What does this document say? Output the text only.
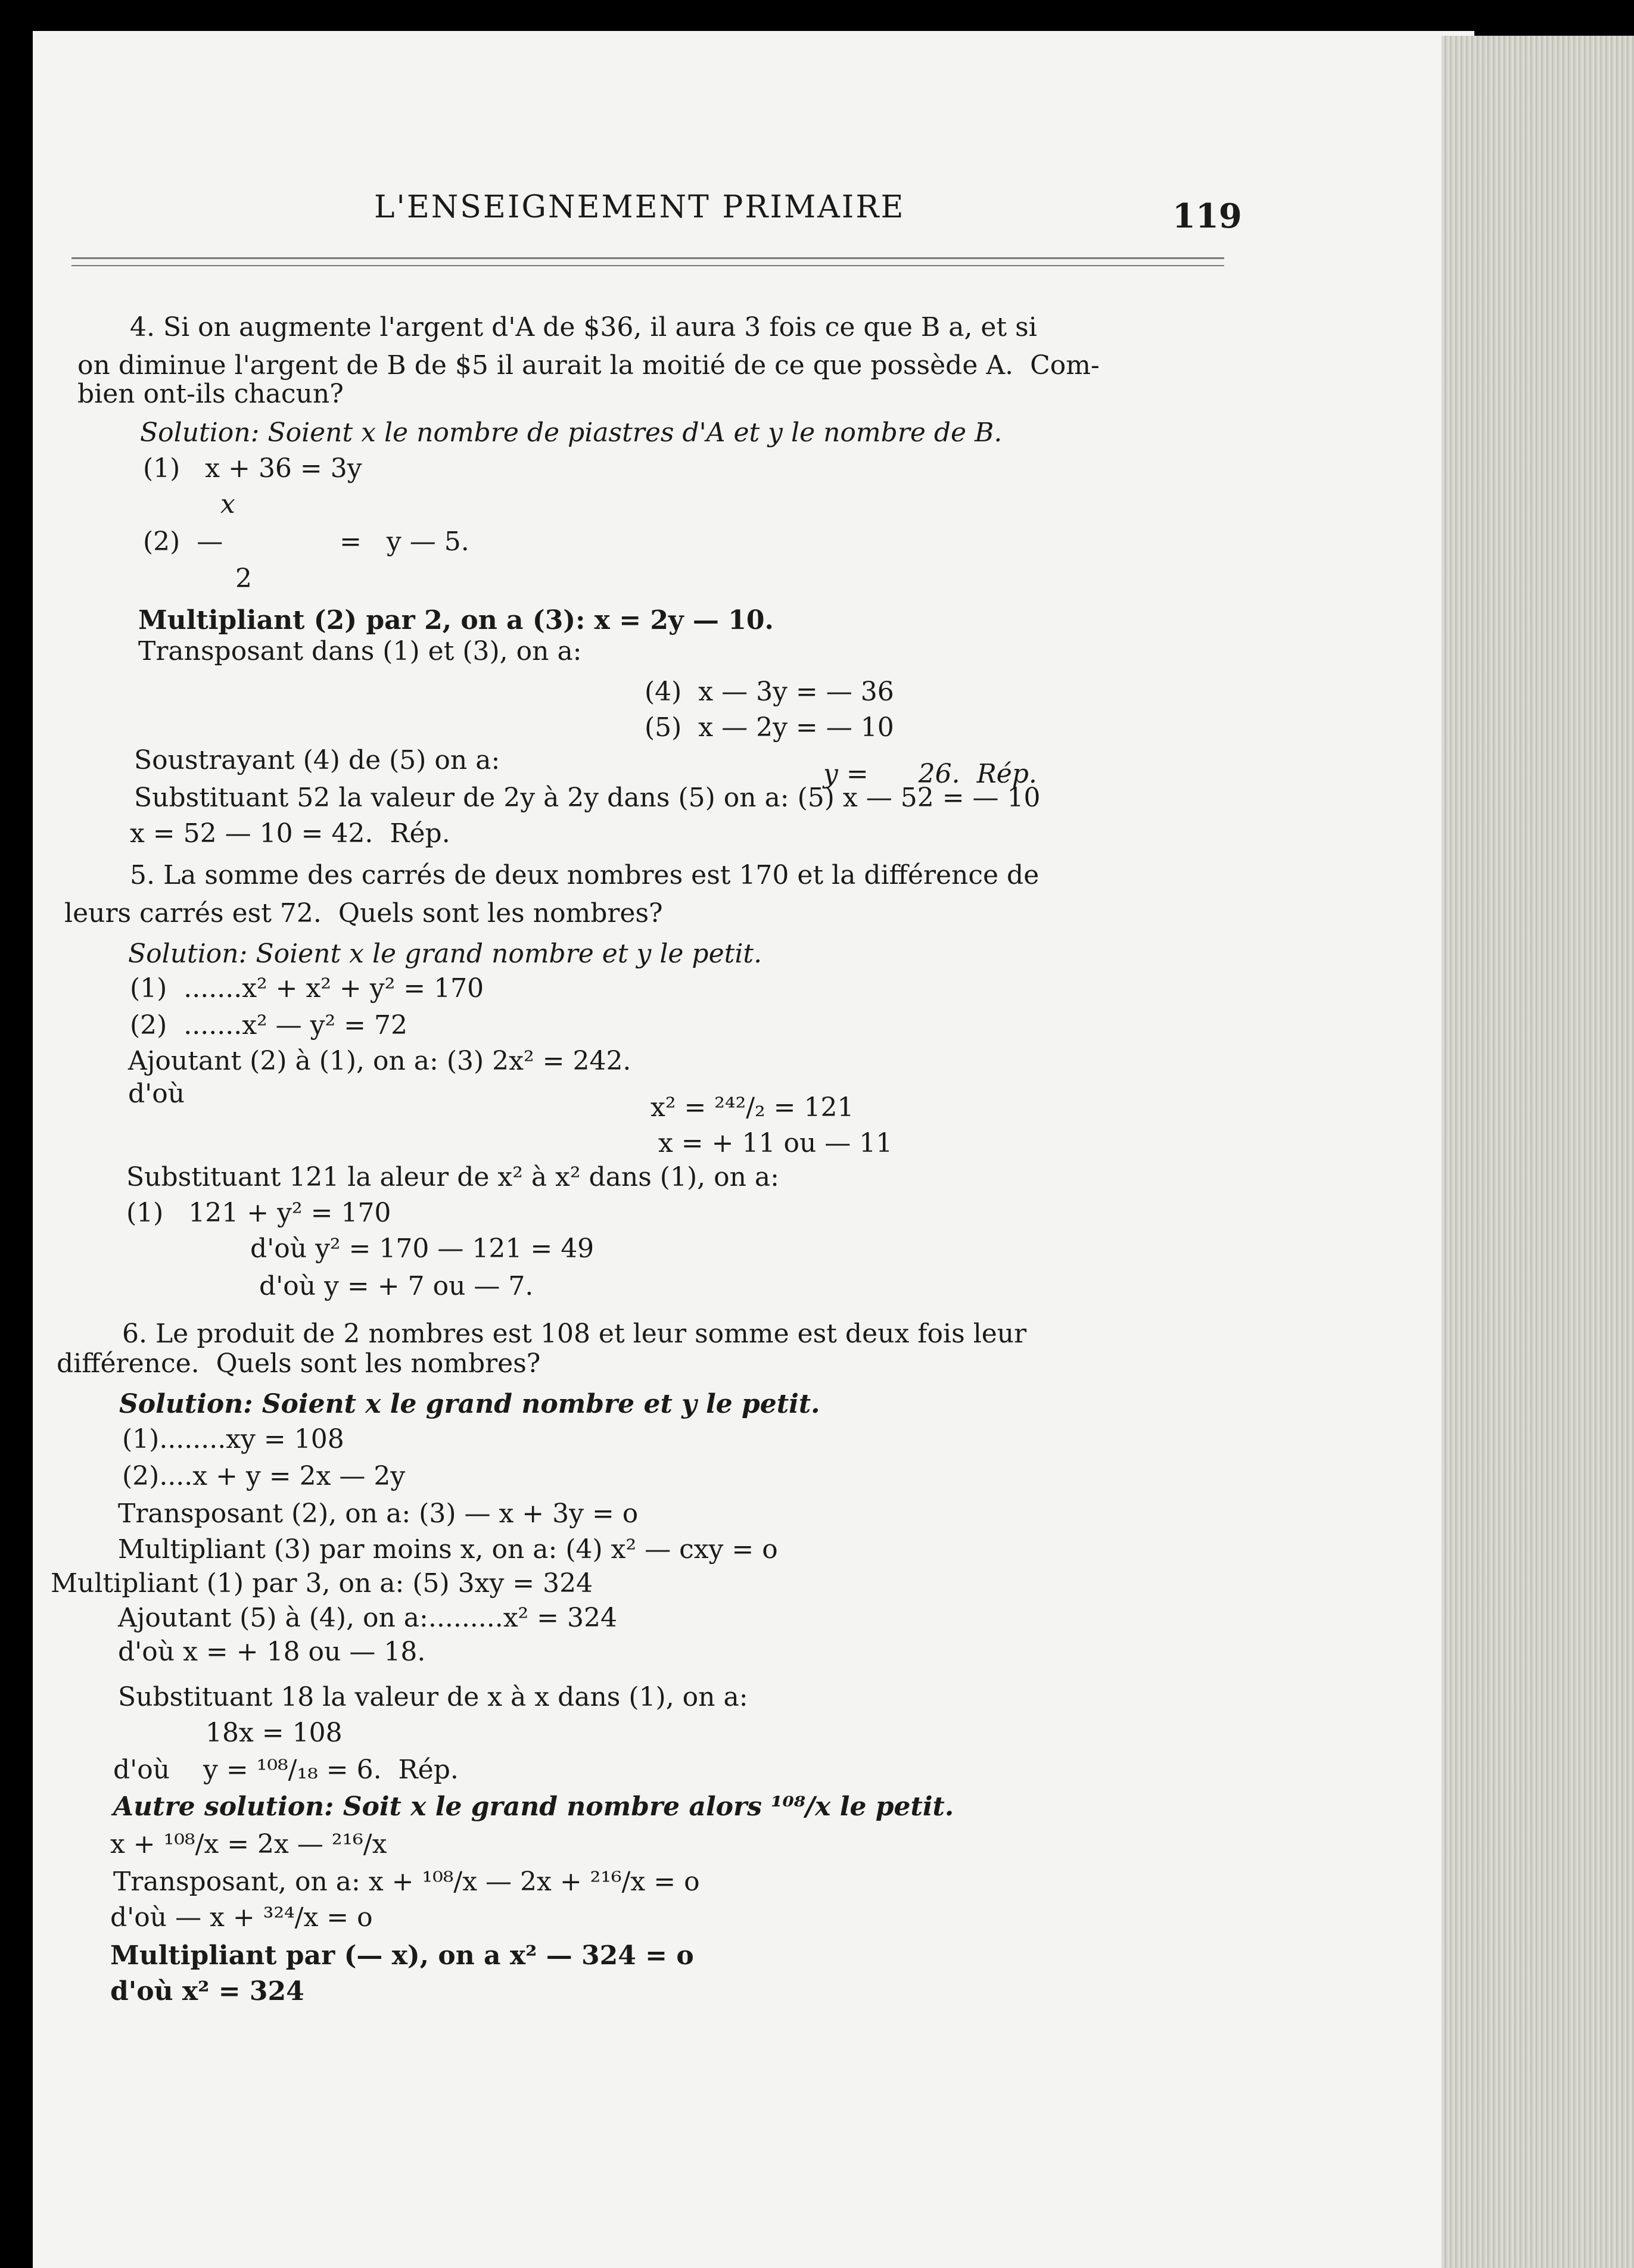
L'ENSEIGNEMENT PRIMAIRE	119
4. Si on augmente l'argent d'A de $36, il aura 3 fois ce que B a, et si
on diminue l'argent de B de $5 il aurait la moitié de ce que possède A.  Com-
bien ont-ils chacun?
Solution: Soient x le nombre de piastres d'A et y le nombre de B.
(1)   x + 36 = 3y
x
(2)  —              =   y — 5.
2
Multipliant (2) par 2, on a (3): x = 2y — 10.
Transposant dans (1) et (3), on a:
(4)  x — 3y = — 36
(5)  x — 2y = — 10
Soustrayant (4) de (5) on a:	y =      26.  Rép.
Substituant 52 la valeur de 2y à 2y dans (5) on a: (5) x — 52 = — 10
x = 52 — 10 = 42.  Rép.
5. La somme des carrés de deux nombres est 170 et la différence de
leurs carrés est 72.  Quels sont les nombres?
Solution: Soient x le grand nombre et y le petit.
(1)  .......x² + x² + y² = 170
(2)  .......x² — y² = 72
Ajoutant (2) à (1), on a: (3) 2x² = 242.
d'où	x² = ²⁴²/₂ = 121
x = + 11 ou — 11
Substituant 121 la aleur de x² à x² dans (1), on a:
(1)   121 + y² = 170
d'où y² = 170 — 121 = 49
d'où y = + 7 ou — 7.
6. Le produit de 2 nombres est 108 et leur somme est deux fois leur
différence.  Quels sont les nombres?
Solution: Soient x le grand nombre et y le petit.
(1)........xy = 108
(2)....x + y = 2x — 2y
Transposant (2), on a: (3) — x + 3y = o
Multipliant (3) par moins x, on a: (4) x² — cxy = o
Multipliant (1) par 3, on a: (5) 3xy = 324
Ajoutant (5) à (4), on a:.........x² = 324
d'où x = + 18 ou — 18.
Substituant 18 la valeur de x à x dans (1), on a:
18x = 108
d'où    y = ¹⁰⁸/₁₈ = 6.  Rép.
Autre solution: Soit x le grand nombre alors ¹⁰⁸/x le petit.
x + ¹⁰⁸/x = 2x — ²¹⁶/x
Transposant, on a: x + ¹⁰⁸/x — 2x + ²¹⁶/x = o
d'où — x + ³²⁴/x = o
Multipliant par (— x), on a x² — 324 = o
d'où x² = 324
